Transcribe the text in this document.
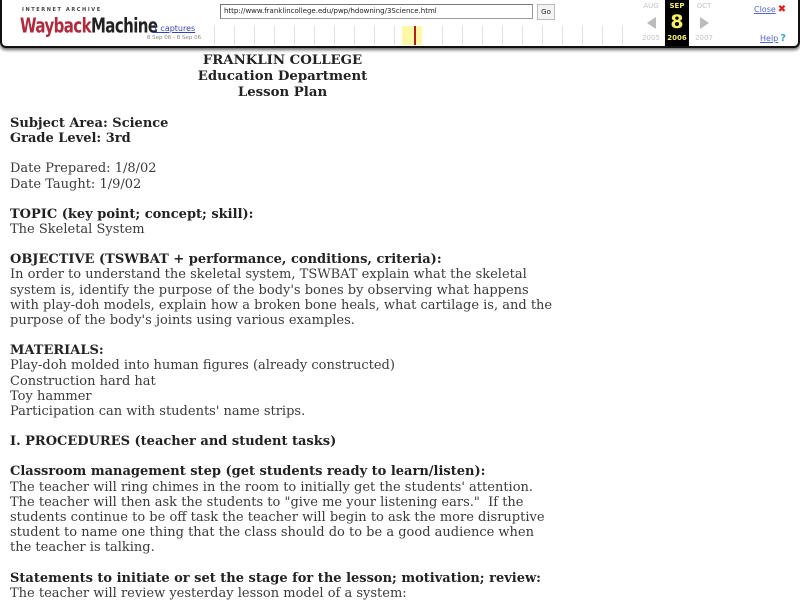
INTERNET ARCHIVE
WaybackMachine
1 captures
8 Sep 06 - 8 Sep 06
http://www.franklincollege.edu/pwp/hdowning/3Science.html	Go
AUG
2005
SEP
8
2006
OCT
2007
Close ✖
Help ?
FRANKLIN COLLEGE
Education Department
Lesson Plan
Subject Area: Science
Grade Level: 3rd
Date Prepared: 1/8/02
Date Taught: 1/9/02
TOPIC (key point; concept; skill):
The Skeletal System
OBJECTIVE (TSWBAT + performance, conditions, criteria):
In order to understand the skeletal system, TSWBAT explain what the skeletal
system is, identify the purpose of the body's bones by observing what happens
with play-doh models, explain how a broken bone heals, what cartilage is, and the
purpose of the body's joints using various examples.
MATERIALS:
Play-doh molded into human figures (already constructed)
Construction hard hat
Toy hammer
Participation can with students' name strips.
I. PROCEDURES (teacher and student tasks)
Classroom management step (get students ready to learn/listen):
The teacher will ring chimes in the room to initially get the students' attention.
The teacher will then ask the students to "give me your listening ears."  If the
students continue to be off task the teacher will begin to ask the more disruptive
student to name one thing that the class should do to be a good audience when
the teacher is talking.
Statements to initiate or set the stage for the lesson; motivation; review:
The teacher will review yesterday lesson model of a system:
